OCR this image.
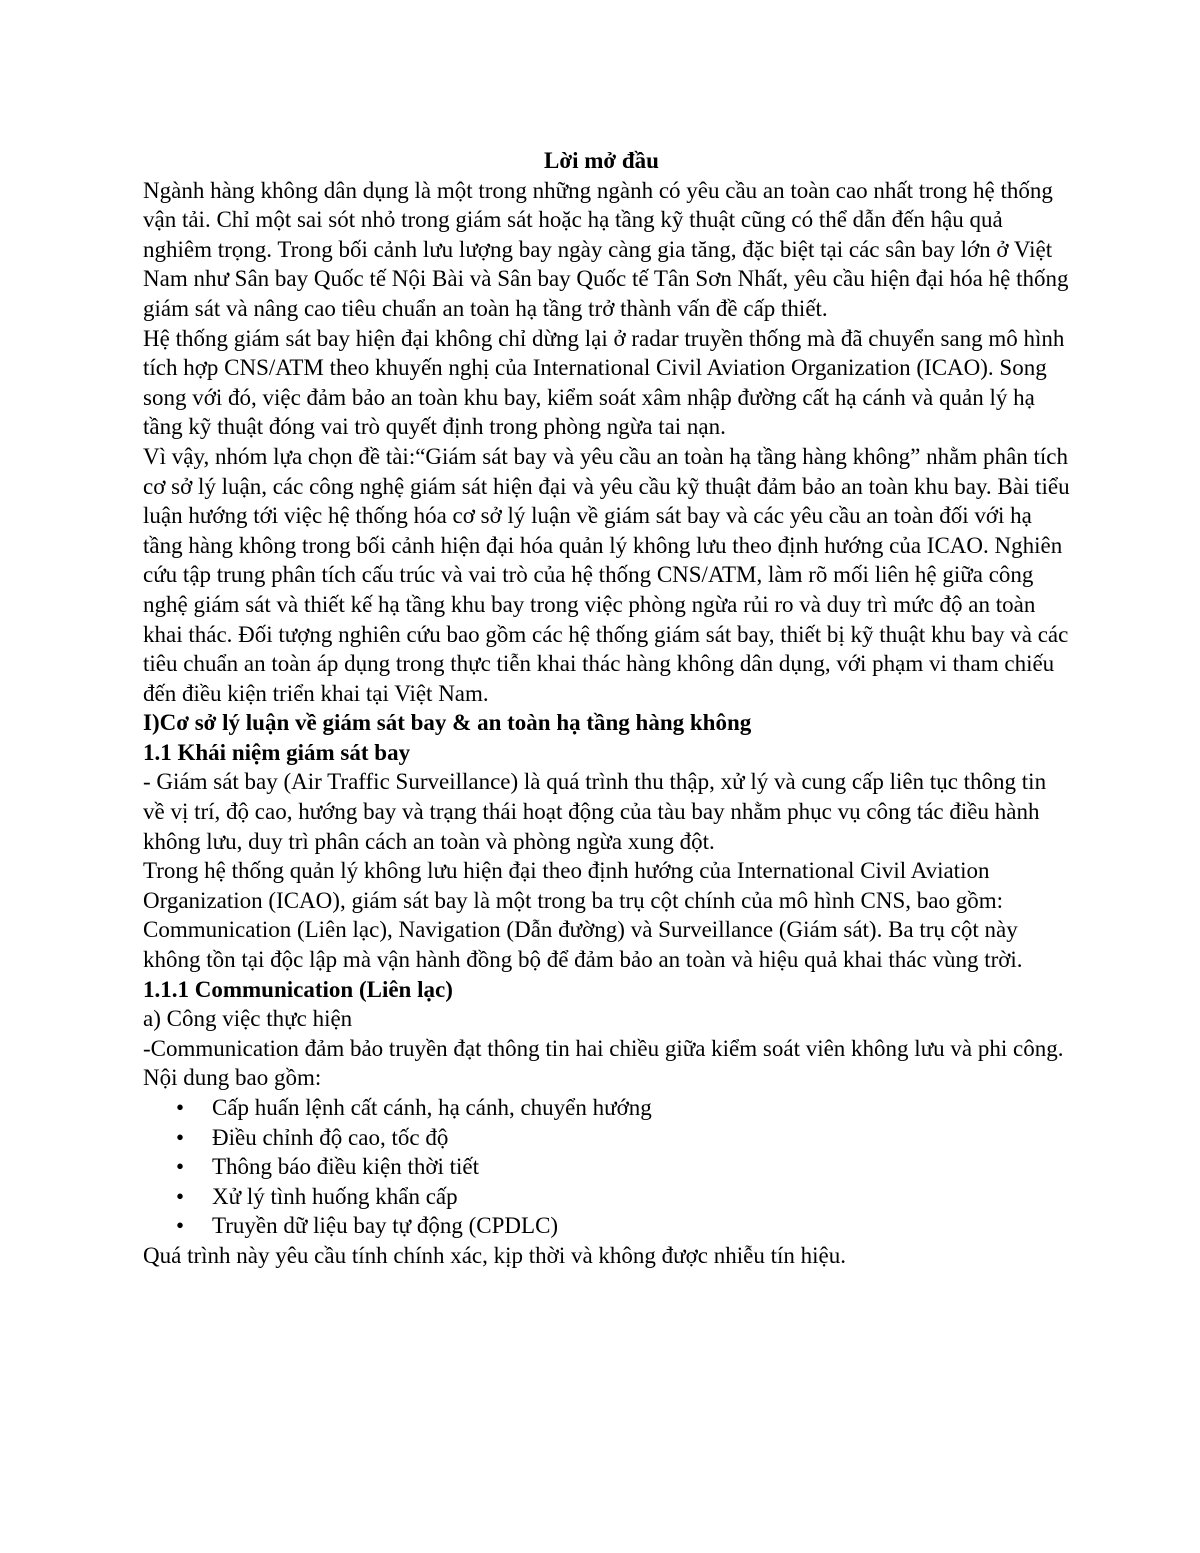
Lời mở đầu

Ngành hàng không dân dụng là một trong những ngành có yêu cầu an toàn cao nhất trong hệ thống vận tải. Chỉ một sai sót nhỏ trong giám sát hoặc hạ tầng kỹ thuật cũng có thể dẫn đến hậu quả nghiêm trọng. Trong bối cảnh lưu lượng bay ngày càng gia tăng, đặc biệt tại các sân bay lớn ở Việt Nam như Sân bay Quốc tế Nội Bài và Sân bay Quốc tế Tân Sơn Nhất, yêu cầu hiện đại hóa hệ thống giám sát và nâng cao tiêu chuẩn an toàn hạ tầng trở thành vấn đề cấp thiết.

Hệ thống giám sát bay hiện đại không chỉ dừng lại ở radar truyền thống mà đã chuyển sang mô hình tích hợp CNS/ATM theo khuyến nghị của International Civil Aviation Organization (ICAO). Song song với đó, việc đảm bảo an toàn khu bay, kiểm soát xâm nhập đường cất hạ cánh và quản lý hạ tầng kỹ thuật đóng vai trò quyết định trong phòng ngừa tai nạn.

Vì vậy, nhóm lựa chọn đề tài:“Giám sát bay và yêu cầu an toàn hạ tầng hàng không” nhằm phân tích cơ sở lý luận, các công nghệ giám sát hiện đại và yêu cầu kỹ thuật đảm bảo an toàn khu bay. Bài tiểu luận hướng tới việc hệ thống hóa cơ sở lý luận về giám sát bay và các yêu cầu an toàn đối với hạ tầng hàng không trong bối cảnh hiện đại hóa quản lý không lưu theo định hướng của ICAO. Nghiên cứu tập trung phân tích cấu trúc và vai trò của hệ thống CNS/ATM, làm rõ mối liên hệ giữa công nghệ giám sát và thiết kế hạ tầng khu bay trong việc phòng ngừa rủi ro và duy trì mức độ an toàn khai thác. Đối tượng nghiên cứu bao gồm các hệ thống giám sát bay, thiết bị kỹ thuật khu bay và các tiêu chuẩn an toàn áp dụng trong thực tiễn khai thác hàng không dân dụng, với phạm vi tham chiếu đến điều kiện triển khai tại Việt Nam.

I)Cơ sở lý luận về giám sát bay & an toàn hạ tầng hàng không

1.1 Khái niệm giám sát bay

- Giám sát bay (Air Traffic Surveillance) là quá trình thu thập, xử lý và cung cấp liên tục thông tin về vị trí, độ cao, hướng bay và trạng thái hoạt động của tàu bay nhằm phục vụ công tác điều hành không lưu, duy trì phân cách an toàn và phòng ngừa xung đột.

Trong hệ thống quản lý không lưu hiện đại theo định hướng của International Civil Aviation Organization (ICAO), giám sát bay là một trong ba trụ cột chính của mô hình CNS, bao gồm: Communication (Liên lạc), Navigation (Dẫn đường) và Surveillance (Giám sát). Ba trụ cột này không tồn tại độc lập mà vận hành đồng bộ để đảm bảo an toàn và hiệu quả khai thác vùng trời.

1.1.1 Communication (Liên lạc)

a) Công việc thực hiện

-Communication đảm bảo truyền đạt thông tin hai chiều giữa kiểm soát viên không lưu và phi công. Nội dung bao gồm:

• Cấp huấn lệnh cất cánh, hạ cánh, chuyển hướng
• Điều chỉnh độ cao, tốc độ
• Thông báo điều kiện thời tiết
• Xử lý tình huống khẩn cấp
• Truyền dữ liệu bay tự động (CPDLC)

Quá trình này yêu cầu tính chính xác, kịp thời và không được nhiễu tín hiệu.
